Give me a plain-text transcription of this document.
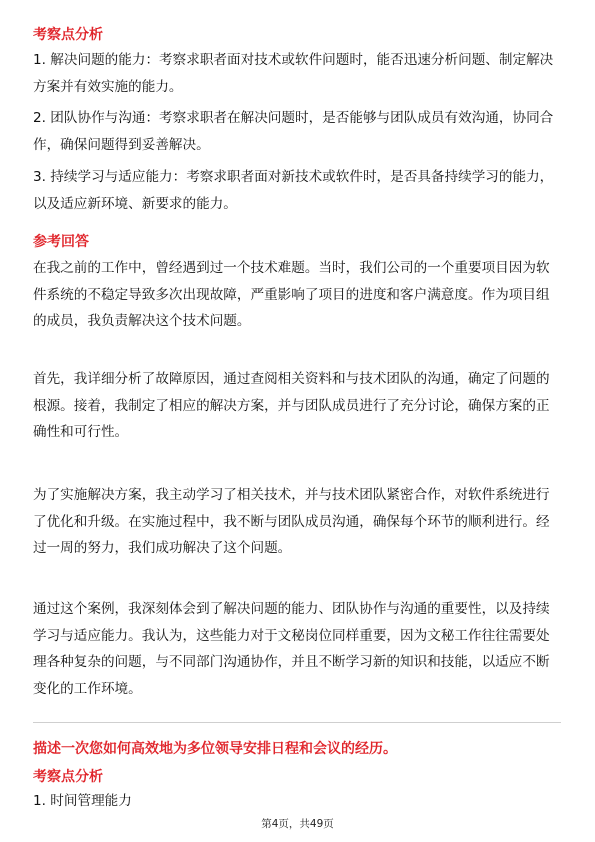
考察点分析

1. 解决问题的能力：考察求职者面对技术或软件问题时，能否迅速分析问题、制定解决方案并有效实施的能力。

2. 团队协作与沟通：考察求职者在解决问题时，是否能够与团队成员有效沟通，协同合作，确保问题得到妥善解决。

3. 持续学习与适应能力：考察求职者面对新技术或软件时，是否具备持续学习的能力，以及适应新环境、新要求的能力。

参考回答

在我之前的工作中，曾经遇到过一个技术难题。当时，我们公司的一个重要项目因为软件系统的不稳定导致多次出现故障，严重影响了项目的进度和客户满意度。作为项目组的成员，我负责解决这个技术问题。

首先，我详细分析了故障原因，通过查阅相关资料和与技术团队的沟通，确定了问题的根源。接着，我制定了相应的解决方案，并与团队成员进行了充分讨论，确保方案的正确性和可行性。

为了实施解决方案，我主动学习了相关技术，并与技术团队紧密合作，对软件系统进行了优化和升级。在实施过程中，我不断与团队成员沟通，确保每个环节的顺利进行。经过一周的努力，我们成功解决了这个问题。

通过这个案例，我深刻体会到了解决问题的能力、团队协作与沟通的重要性，以及持续学习与适应能力。我认为，这些能力对于文秘岗位同样重要，因为文秘工作往往需要处理各种复杂的问题，与不同部门沟通协作，并且不断学习新的知识和技能，以适应不断变化的工作环境。

描述一次您如何高效地为多位领导安排日程和会议的经历。
考察点分析

1. 时间管理能力

第4页，共49页
